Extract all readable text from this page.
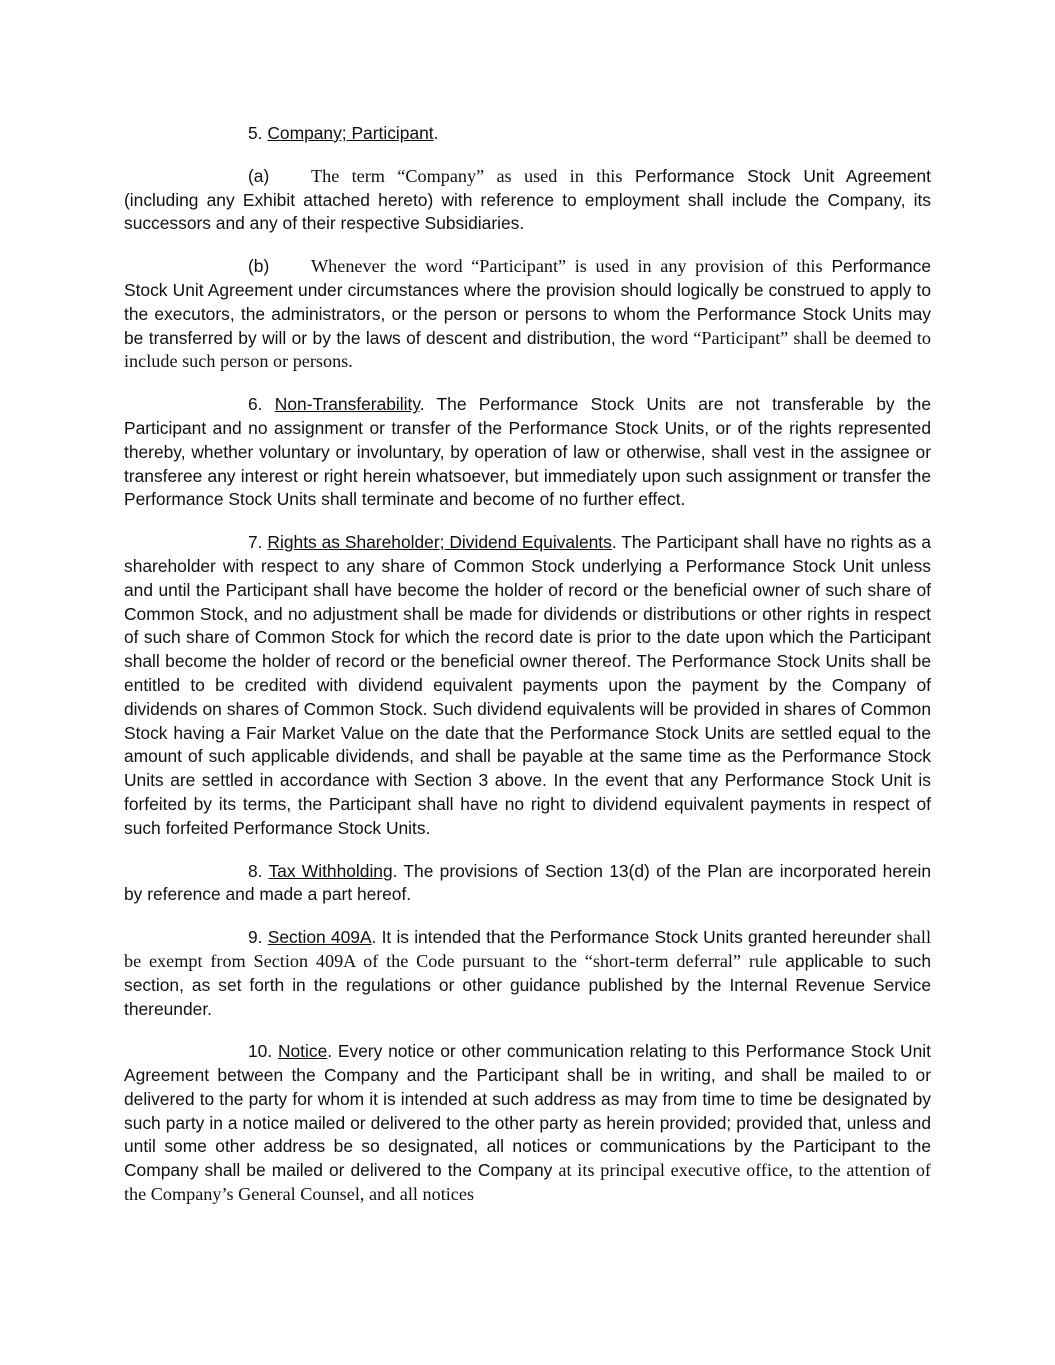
5. Company; Participant.

(a) The term “Company” as used in this Performance Stock Unit Agreement (including any Exhibit attached hereto) with reference to employment shall include the Company, its successors and any of their respective Subsidiaries.

(b) Whenever the word “Participant” is used in any provision of this Performance Stock Unit Agreement under circumstances where the provision should logically be construed to apply to the executors, the administrators, or the person or persons to whom the Performance Stock Units may be transferred by will or by the laws of descent and distribution, the word “Participant” shall be deemed to include such person or persons.

6. Non-Transferability. The Performance Stock Units are not transferable by the Participant and no assignment or transfer of the Performance Stock Units, or of the rights represented thereby, whether voluntary or involuntary, by operation of law or otherwise, shall vest in the assignee or transferee any interest or right herein whatsoever, but immediately upon such assignment or transfer the Performance Stock Units shall terminate and become of no further effect.

7. Rights as Shareholder; Dividend Equivalents. The Participant shall have no rights as a shareholder with respect to any share of Common Stock underlying a Performance Stock Unit unless and until the Participant shall have become the holder of record or the beneficial owner of such share of Common Stock, and no adjustment shall be made for dividends or distributions or other rights in respect of such share of Common Stock for which the record date is prior to the date upon which the Participant shall become the holder of record or the beneficial owner thereof. The Performance Stock Units shall be entitled to be credited with dividend equivalent payments upon the payment by the Company of dividends on shares of Common Stock. Such dividend equivalents will be provided in shares of Common Stock having a Fair Market Value on the date that the Performance Stock Units are settled equal to the amount of such applicable dividends, and shall be payable at the same time as the Performance Stock Units are settled in accordance with Section 3 above. In the event that any Performance Stock Unit is forfeited by its terms, the Participant shall have no right to dividend equivalent payments in respect of such forfeited Performance Stock Units.

8. Tax Withholding. The provisions of Section 13(d) of the Plan are incorporated herein by reference and made a part hereof.

9. Section 409A. It is intended that the Performance Stock Units granted hereunder shall be exempt from Section 409A of the Code pursuant to the “short-term deferral” rule applicable to such section, as set forth in the regulations or other guidance published by the Internal Revenue Service thereunder.

10. Notice. Every notice or other communication relating to this Performance Stock Unit Agreement between the Company and the Participant shall be in writing, and shall be mailed to or delivered to the party for whom it is intended at such address as may from time to time be designated by such party in a notice mailed or delivered to the other party as herein provided; provided that, unless and until some other address be so designated, all notices or communications by the Participant to the Company shall be mailed or delivered to the Company at its principal executive office, to the attention of the Company’s General Counsel, and all notices
